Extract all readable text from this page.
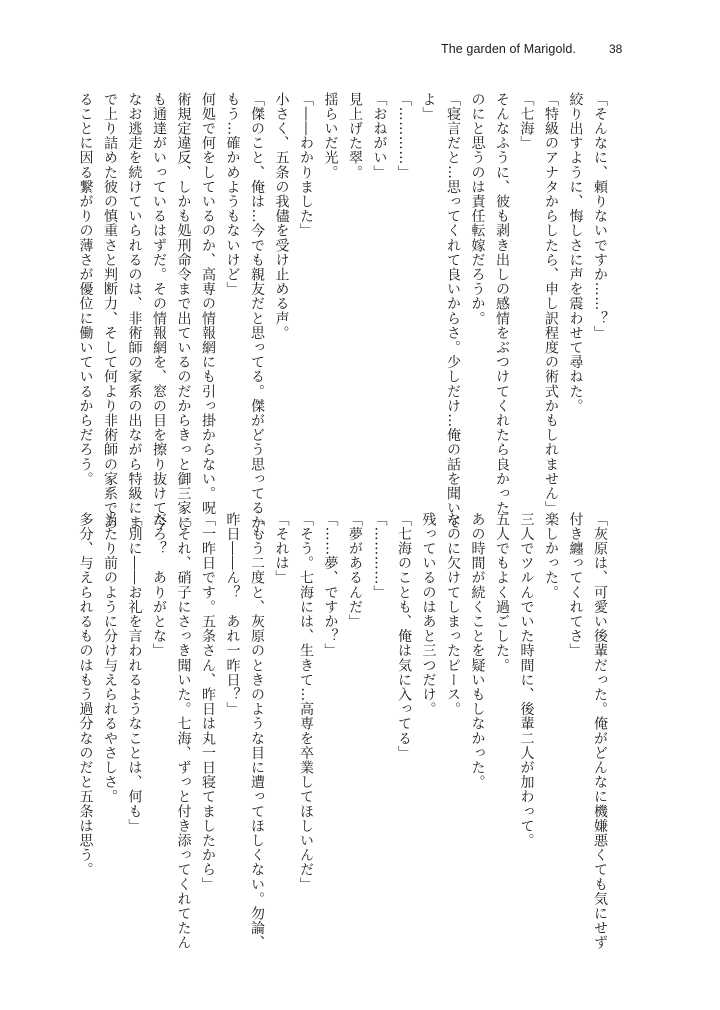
The garden of Marigold.	38
「そんなに、頼りないですか……？」
絞り出すように、悔しさに声を震わせて尋ねた。
「特級のアナタからしたら、申し訳程度の術式かもしれません」
「七海」
そんなふうに、彼も剥き出しの感情をぶつけてくれたら良かった
のにと思うのは責任転嫁だろうか。
「寝言だと…思ってくれて良いからさ。少しだけ…俺の話を聞いて
よ」
「…………」
「おねがい」
見上げた翠。
揺らいだ光。
「――わかりました」
小さく、五条の我儘を受け止める声。
「傑のこと、俺は…今でも親友だと思ってる。傑がどう思ってるか、
もう…確かめようもないけど」
何処で何をしているのか、高専の情報網にも引っ掛からない。呪
術規定違反、しかも処刑命令まで出ているのだからきっと御三家に
も通達がいっているはずだ。その情報網を、窓の目を擦り抜けて今
なお逃走を続けていられるのは、非術師の家系の出ながら特級にま
で上り詰めた彼の慎重さと判断力、そして何より非術師の家系であ
ることに因る繋がりの薄さが優位に働いているからだろう。
「灰原は、可愛い後輩だった。俺がどんなに機嫌悪くても気にせず
付き纏ってくれてさ」
楽しかった。
三人でツルんでいた時間に、後輩二人が加わって。
五人でもよく過ごした。
あの時間が続くことを疑いもしなかった。
なのに欠けてしまったピース。
残っているのはあと三つだけ。
「七海のことも、俺は気に入ってる」
「…………」
「夢があるんだ」
「……夢、ですか？」
「そう。七海には、生きて…高専を卒業してほしいんだ」
「それは」
「もう二度と、灰原のときのような目に遭ってほしくない。勿論、
昨日――ん？　あれ一昨日？」
「一昨日です。五条さん、昨日は丸一日寝てましたから」
「それ、硝子にさっき聞いた。七海、ずっと付き添ってくれてたん
だろ？　ありがとな」
「別に――お礼を言われるようなことは、何も」
当たり前のように分け与えられるやさしさ。
多分、与えられるものはもう過分なのだと五条は思う。
